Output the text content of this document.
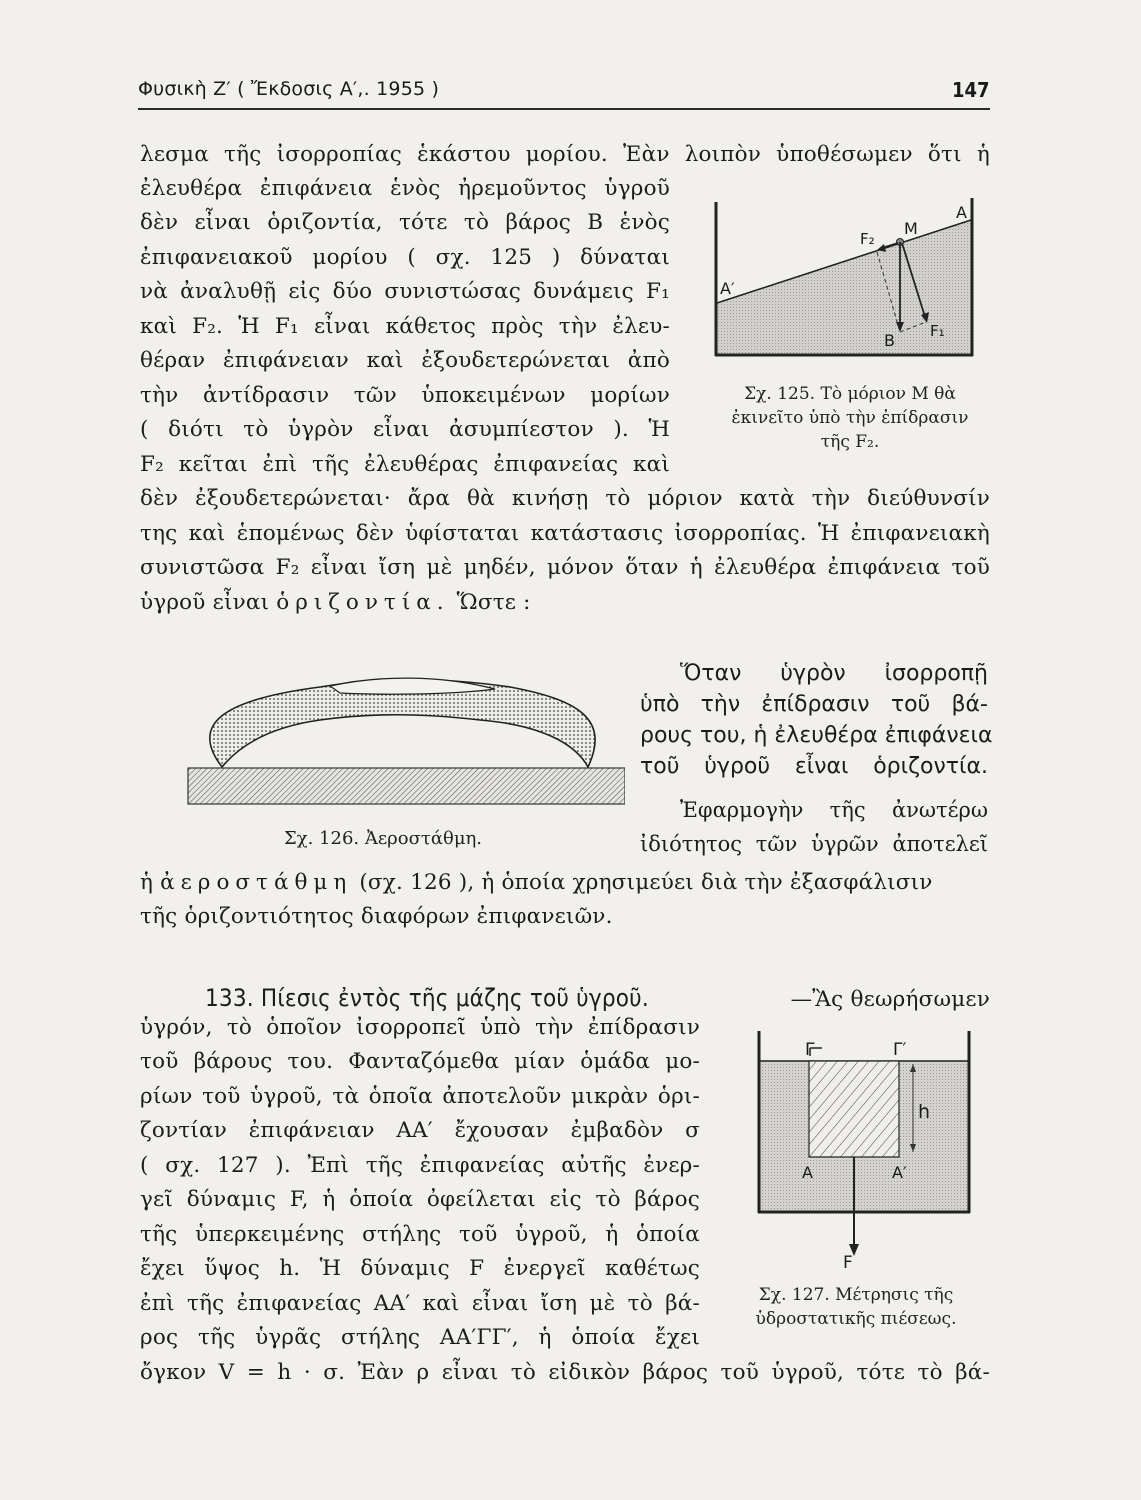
Φυσικὴ Ζ′ ( Ἔκδοσις Α′,. 1955 )	147
λεσμα τῆς ἰσορροπίας ἑκάστου μορίου. Ἐὰν λοιπὸν ὑποθέσωμεν ὅτι ἡ
ἐλευθέρα ἐπιφάνεια ἑνὸς ἠρεμοῦντος ὑγροῦ
δὲν εἶναι ὁριζοντία, τότε τὸ βάρος Β ἑνὸς
ἐπιφανειακοῦ μορίου ( σχ. 125 ) δύναται
νὰ ἀναλυθῇ εἰς δύο συνιστώσας δυνάμεις F₁
καὶ F₂. Ἡ F₁ εἶναι κάθετος πρὸς τὴν ἐλευ-
θέραν ἐπιφάνειαν καὶ ἐξουδετερώνεται ἀπὸ
τὴν ἀντίδρασιν τῶν ὑποκειμένων μορίων
( διότι τὸ ὑγρὸν εἶναι ἀσυμπίεστον ). Ἡ
F₂ κεῖται ἐπὶ τῆς ἐλευθέρας ἐπιφανείας καὶ
δὲν ἐξουδετερώνεται· ἄρα θὰ κινήσῃ τὸ μόριον κατὰ τὴν διεύθυνσίν
της καὶ ἑπομένως δὲν ὑφίσταται κατάστασις ἰσορροπίας. Ἡ ἐπιφανειακὴ
συνιστῶσα F₂ εἶναι ἴση μὲ μηδέν, μόνον ὅταν ἡ ἐλευθέρα ἐπιφάνεια τοῦ
ὑγροῦ εἶναι ὁριζοντία. Ὥστε :
A
A′
M
F₂
B F₁
Σχ. 125. Τὸ μόριον Μ θὰ
ἐκινεῖτο ὑπὸ τὴν ἐπίδρασιν
τῆς F₂.
Σχ. 126. Ἀεροστάθμη.
Ὅταν ὑγρὸν ἰσορροπῇ
ὑπὸ τὴν ἐπίδρασιν τοῦ βά-
ρους του, ἡ ἐλευθέρα ἐπιφάνεια
τοῦ ὑγροῦ εἶναι ὁριζοντία.
Ἐφαρμογὴν τῆς ἀνωτέρω
ἰδιότητος τῶν ὑγρῶν ἀποτελεῖ
ἡ ἀεροστάθμη (σχ. 126 ), ἡ ὁποία χρησιμεύει διὰ τὴν ἐξασφάλισιν
τῆς ὁριζοντιότητος διαφόρων ἐπιφανειῶν.
133. Πίεσις ἐντὸς τῆς μάζης τοῦ ὑγροῦ.	—Ἂς θεωρήσωμεν
ὑγρόν, τὸ ὁποῖον ἰσορροπεῖ ὑπὸ τὴν ἐπίδρασιν
τοῦ βάρους του. Φανταζόμεθα μίαν ὁμάδα μο-
ρίων τοῦ ὑγροῦ, τὰ ὁποῖα ἀποτελοῦν μικρὰν ὁρι-
ζοντίαν ἐπιφάνειαν ΑΑ′ ἔχουσαν ἐμβαδὸν σ
( σχ. 127 ). Ἐπὶ τῆς ἐπιφανείας αὐτῆς ἐνερ-
γεῖ δύναμις F, ἡ ὁποία ὀφείλεται εἰς τὸ βάρος
τῆς ὑπερκειμένης στήλης τοῦ ὑγροῦ, ἡ ὁποία
ἔχει ὕψος h. Ἡ δύναμις F ἐνεργεῖ καθέτως
ἐπὶ τῆς ἐπιφανείας ΑΑ′ καὶ εἶναι ἴση μὲ τὸ βά-
ρος τῆς ὑγρᾶς στήλης ΑΑ′ΓΓ′, ἡ ὁποία ἔχει
ὄγκον V = h · σ. Ἐὰν ρ εἶναι τὸ εἰδικὸν βάρος τοῦ ὑγροῦ, τότε τὸ βά-
Γ	Γ′
h
A	A′
F
Σχ. 127. Μέτρησις τῆς
ὑδροστατικῆς πιέσεως.
